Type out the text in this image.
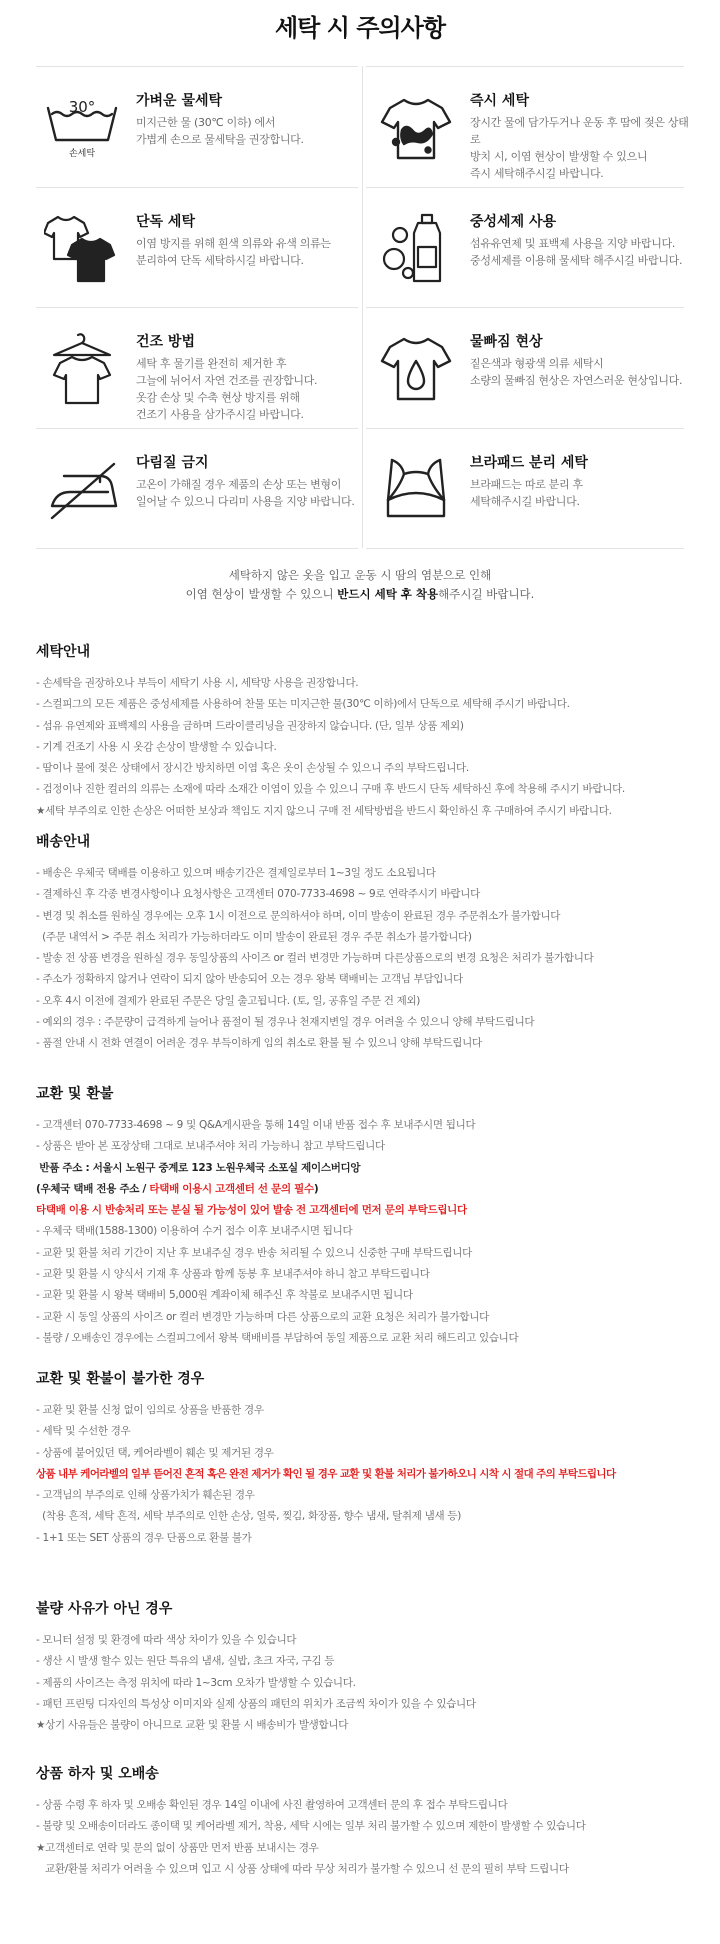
세탁 시 주의사항
30°
손세탁
가벼운 물세탁

미지근한 물 (30℃ 이하) 에서
가볍게 손으로 물세탁을 권장합니다.

즉시 세탁

장시간 물에 담가두거나 운동 후 땀에 젖은 상태로
방치 시, 이염 현상이 발생할 수 있으니
즉시 세탁해주시길 바랍니다.

단독 세탁

이염 방지를 위해 흰색 의류와 유색 의류는
분리하여 단독 세탁하시길 바랍니다.

중성세제 사용

섬유유연제 및 표백제 사용을 지양 바랍니다.
중성세제를 이용해 물세탁 해주시길 바랍니다.

건조 방법

세탁 후 물기를 완전히 제거한 후
그늘에 뉘어서 자연 건조를 권장합니다.
옷감 손상 및 수축 현상 방지를 위해
건조기 사용을 삼가주시길 바랍니다.

물빠짐 현상

짙은색과 형광색 의류 세탁시
소량의 물빠짐 현상은 자연스러운 현상입니다.

다림질 금지

고온이 가해질 경우 제품의 손상 또는 변형이
일어날 수 있으니 다리미 사용을 지양 바랍니다.

브라패드 분리 세탁

브라패드는 따로 분리 후
세탁해주시길 바랍니다.

세탁하지 않은 옷을 입고 운동 시 땀의 염분으로 인해
이염 현상이 발생할 수 있으니 반드시 세탁 후 착용해주시길 바랍니다.
세탁안내
- 손세탁을 권장하오나 부득이 세탁기 사용 시, 세탁망 사용을 권장합니다.
- 스컬피그의 모든 제품은 중성세제를 사용하여 찬물 또는 미지근한 물(30℃ 이하)에서 단독으로 세탁해 주시기 바랍니다.
- 섬유 유연제와 표백제의 사용을 금하며 드라이클리닝을 권장하지 않습니다. (단, 일부 상품 제외)
- 기계 건조기 사용 시 옷감 손상이 발생할 수 있습니다.
- 땀이나 물에 젖은 상태에서 장시간 방치하면 이염 혹은 옷이 손상될 수 있으니 주의 부탁드립니다.
- 검정이나 진한 컬러의 의류는 소재에 따라 소재간 이염이 있을 수 있으니 구매 후 반드시 단독 세탁하신 후에 착용해 주시기 바랍니다.
★세탁 부주의로 인한 손상은 어떠한 보상과 책임도 지지 않으니 구매 전 세탁방법을 반드시 확인하신 후 구매하여 주시기 바랍니다.
배송안내
- 배송은 우체국 택배를 이용하고 있으며 배송기간은 결제일로부터 1~3일 정도 소요됩니다
- 결제하신 후 각종 변경사항이나 요청사항은 고객센터 070-7733-4698 ~ 9로 연락주시기 바랍니다
- 변경 및 취소를 원하실 경우에는 오후 1시 이전으로 문의하셔야 하며, 이미 발송이 완료된 경우 주문취소가 불가합니다
(주문 내역서 > 주문 취소 처리가 가능하더라도 이미 발송이 완료된 경우 주문 취소가 불가합니다)
- 발송 전 상품 변경을 원하실 경우 동일상품의 사이즈 or 컬러 변경만 가능하며 다른상품으로의 변경 요청은 처리가 불가합니다
- 주소가 정확하지 않거나 연락이 되지 않아 반송되어 오는 경우 왕복 택배비는 고객님 부담입니다
- 오후 4시 이전에 결제가 완료된 주문은 당일 출고됩니다. (토, 일, 공휴일 주문 건 제외)
- 예외의 경우 : 주문량이 급격하게 늘어나 품절이 될 경우나 천재지변일 경우 어려울 수 있으니 양해 부탁드립니다
- 품절 안내 시 전화 연결이 어려운 경우 부득이하게 임의 취소로 환불 될 수 있으니 양해 부탁드립니다
교환 및 환불
- 고객센터 070-7733-4698 ~ 9 및 Q&A게시판을 통해 14일 이내 반품 접수 후 보내주시면 됩니다
- 상품은 받아 본 포장상태 그대로 보내주셔야 처리 가능하니 참고 부탁드립니다
반품 주소 : 서울시 노원구 중계로 123 노원우체국 소포실 제이스버디앙
(우체국 택배 전용 주소 / 타택배 이용시 고객센터 선 문의 필수)
타택배 이용 시 반송처리 또는 분실 될 가능성이 있어 발송 전 고객센터에 먼저 문의 부탁드립니다
- 우체국 택배(1588-1300) 이용하여 수거 접수 이후 보내주시면 됩니다
- 교환 및 환불 처리 기간이 지난 후 보내주실 경우 반송 처리될 수 있으니 신중한 구매 부탁드립니다
- 교환 및 환불 시 양식서 기재 후 상품과 함께 동봉 후 보내주셔야 하니 참고 부탁드립니다
- 교환 및 환불 시 왕복 택배비 5,000원 계좌이체 해주신 후 착불로 보내주시면 됩니다
- 교환 시 동일 상품의 사이즈 or 컬러 변경만 가능하며 다른 상품으로의 교환 요청은 처리가 불가합니다
- 불량 / 오배송인 경우에는 스컬피그에서 왕복 택배비를 부담하여 동일 제품으로 교환 처리 해드리고 있습니다
교환 및 환불이 불가한 경우
- 교환 및 환불 신청 없이 임의로 상품을 반품한 경우
- 세탁 및 수선한 경우
- 상품에 붙어있던 택, 케어라벨이 훼손 및 제거된 경우
상품 내부 케어라벨의 일부 뜯어진 흔적 혹은 완전 제거가 확인 될 경우 교환 및 환불 처리가 불가하오니 시착 시 절대 주의 부탁드립니다
- 고객님의 부주의로 인해 상품가치가 훼손된 경우
(착용 흔적, 세탁 흔적, 세탁 부주의로 인한 손상, 얼룩, 찢김, 화장품, 향수 냄새, 탈취제 냄새 등)
- 1+1 또는 SET 상품의 경우 단품으로 환불 불가
불량 사유가 아닌 경우
- 모니터 설정 및 환경에 따라 색상 차이가 있을 수 있습니다
- 생산 시 발생 할수 있는 원단 특유의 냄새, 실밥, 초크 자국, 구김 등
- 제품의 사이즈는 측정 위치에 따라 1~3cm 오차가 발생할 수 있습니다.
- 패턴 프린팅 디자인의 특성상 이미지와 실제 상품의 패턴의 위치가 조금씩 차이가 있을 수 있습니다
★상기 사유들은 불량이 아니므로 교환 및 환불 시 배송비가 발생합니다
상품 하자 및 오배송
- 상품 수령 후 하자 및 오배송 확인된 경우 14일 이내에 사진 촬영하여 고객센터 문의 후 접수 부탁드립니다
- 불량 및 오배송이더라도 종이택 및 케어라벨 제거, 착용, 세탁 시에는 일부 처리 불가할 수 있으며 제한이 발생할 수 있습니다
★고객센터로 연락 및 문의 없이 상품만 먼저 반품 보내시는 경우
교환/환불 처리가 어려울 수 있으며 입고 시 상품 상태에 따라 무상 처리가 불가할 수 있으니 선 문의 필히 부탁 드립니다
